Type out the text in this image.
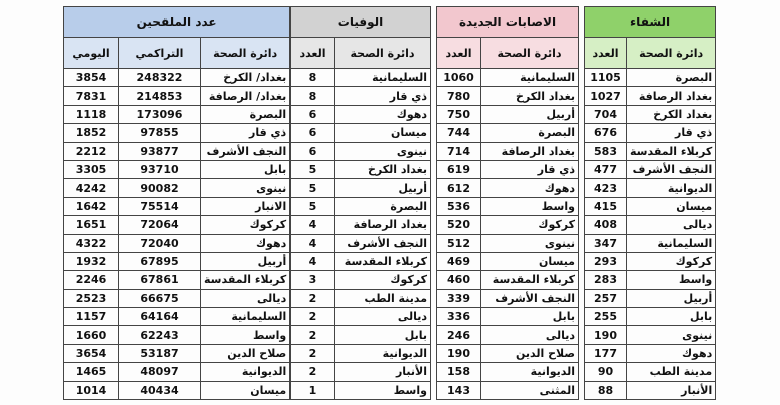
عدد الملقحين		
اليومي	التراكمي	دائرة الصحة
3854	248322	بغداد/ الكرخ
7831	214853	بغداد/ الرصافة
1118	173096	البصرة
1852	97855	ذي قار
2212	93877	النجف الأشرف
3305	93710	بابل
4242	90082	نينوى
1642	75514	الانبار
1651	72064	كركوك
4322	72040	دهوك
1932	67895	أربيل
2246	67861	كربلاء المقدسة
2523	66675	ديالى
1157	64164	السليمانية
1660	62243	واسط
3654	53187	صلاح الدين
1465	48097	الديوانية
1014	40434	ميسان
الوفيات	
العدد	دائرة الصحة
8	السليمانية
8	ذي قار
6	دهوك
6	ميسان
6	نينوى
5	بغداد الكرخ
5	أربيل
5	البصرة
4	بغداد الرصافة
4	النجف الأشرف
4	كربلاء المقدسة
3	كركوك
2	مدينة الطب
2	ديالى
2	بابل
2	الديوانية
2	الأنبار
1	واسط
الاصابات الجديدة	
العدد	دائرة الصحة
1060	السليمانية
780	بغداد الكرخ
750	أربيل
744	البصرة
714	بغداد الرصافة
619	ذي قار
612	دهوك
536	واسط
520	كركوك
512	نينوى
469	ميسان
460	كربلاء المقدسة
339	النجف الأشرف
336	بابل
246	ديالى
190	صلاح الدين
158	الديوانية
143	المثنى
الشفاء	
العدد	دائرة الصحة
1105	البصرة
1027	بغداد الرصافة
704	بغداد الكرخ
676	ذي قار
583	كربلاء المقدسة
477	النجف الأشرف
423	الديوانية
415	ميسان
408	ديالى
347	السليمانية
293	كركوك
283	واسط
257	أربيل
255	بابل
190	نينوى
177	دهوك
90	مدينة الطب
88	الأنبار
